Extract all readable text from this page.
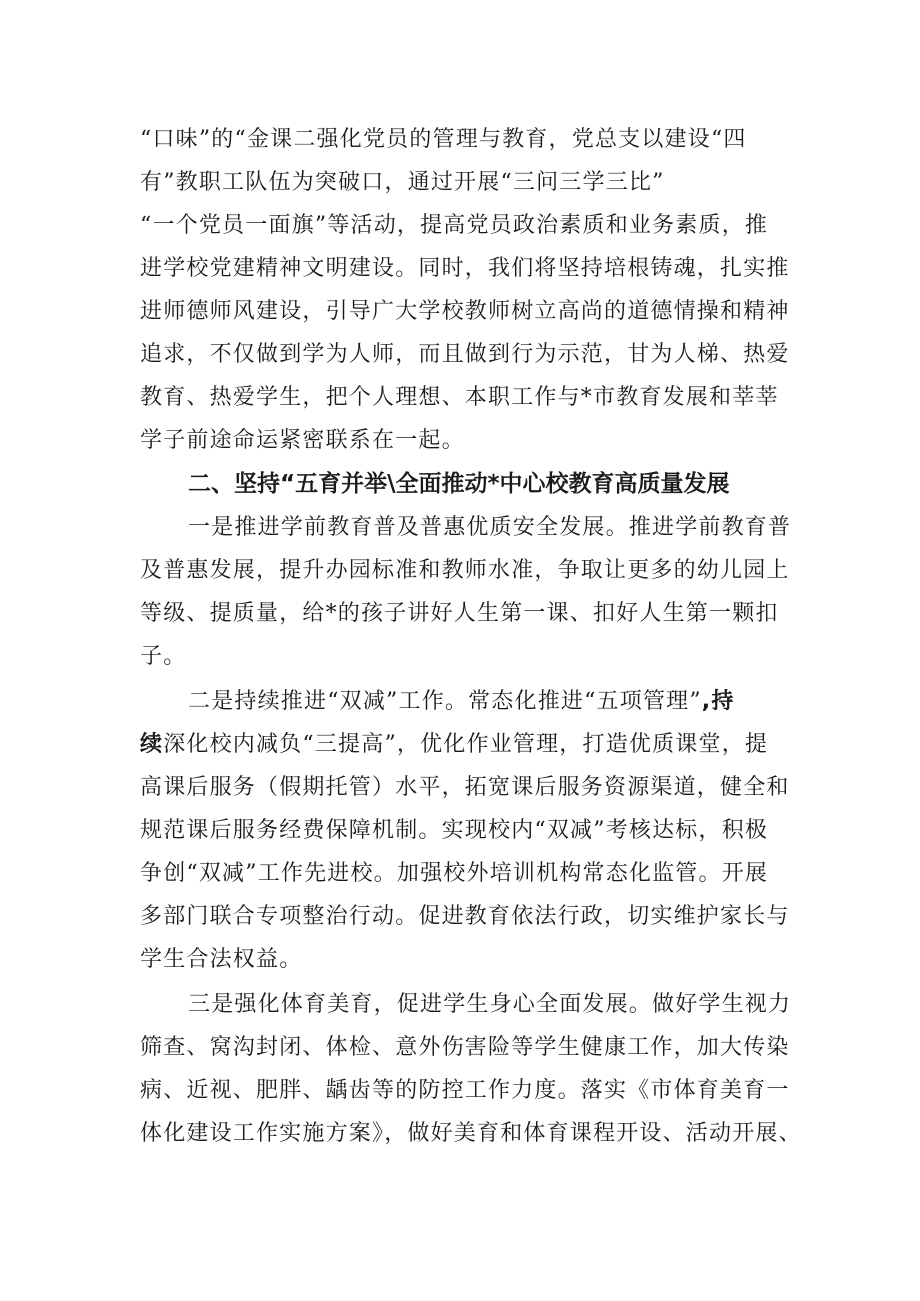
“口味”的“金课二强化党员的管理与教育，党总支以建设“四
有”教职工队伍为突破口，通过开展“三问三学三比”
“一个党员一面旗”等活动，提高党员政治素质和业务素质，推
进学校党建精神文明建设。同时，我们将坚持培根铸魂，扎实推
进师德师风建设，引导广大学校教师树立高尚的道德情操和精神
追求，不仅做到学为人师，而且做到行为示范，甘为人梯、热爱
教育、热爱学生，把个人理想、本职工作与*市教育发展和莘莘
学子前途命运紧密联系在一起。
二、坚持“五育并举\全面推动*中心校教育高质量发展
一是推进学前教育普及普惠优质安全发展。推进学前教育普
及普惠发展，提升办园标准和教师水准，争取让更多的幼儿园上
等级、提质量，给*的孩子讲好人生第一课、扣好人生第一颗扣
子。
二是持续推进“双减”工作。常态化推进“五项管理”,持
续深化校内减负“三提高”，优化作业管理，打造优质课堂，提
高课后服务（假期托管）水平，拓宽课后服务资源渠道，健全和
规范课后服务经费保障机制。实现校内“双减”考核达标，积极
争创“双减”工作先进校。加强校外培训机构常态化监管。开展
多部门联合专项整治行动。促进教育依法行政，切实维护家长与
学生合法权益。
三是强化体育美育，促进学生身心全面发展。做好学生视力
筛查、窝沟封闭、体检、意外伤害险等学生健康工作，加大传染
病、近视、肥胖、龋齿等的防控工作力度。落实《市体育美育一
体化建设工作实施方案》，做好美育和体育课程开设、活动开展、
